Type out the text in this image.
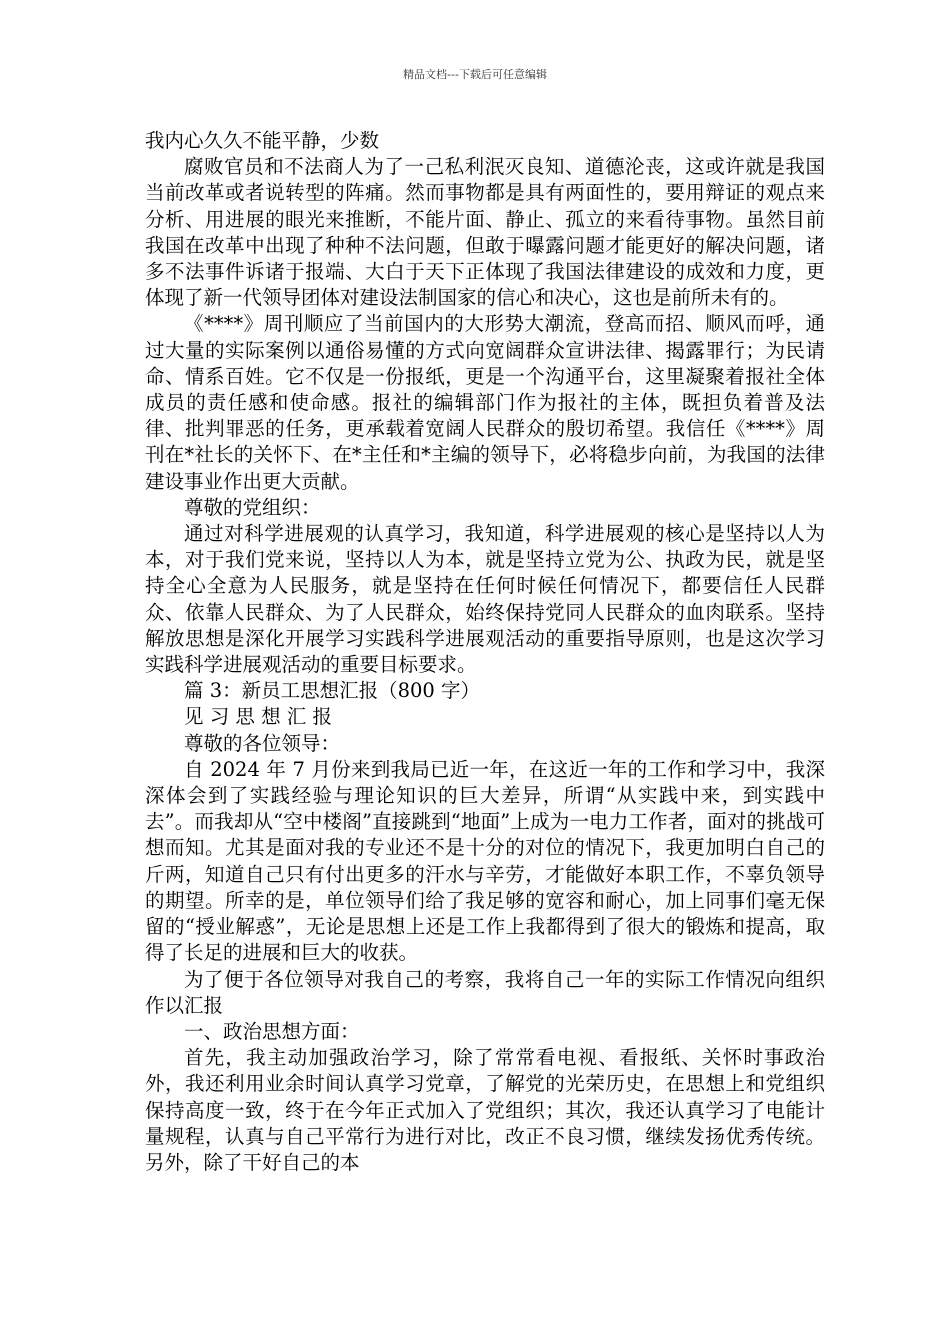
精品文档---下载后可任意编辑

我内心久久不能平静，少数

腐败官员和不法商人为了一己私利泯灭良知、道德沦丧，这或许就是我国当前改革或者说转型的阵痛。然而事物都是具有两面性的，要用辩证的观点来分析、用进展的眼光来推断，不能片面、静止、孤立的来看待事物。虽然目前我国在改革中出现了种种不法问题，但敢于曝露问题才能更好的解决问题，诸多不法事件诉诸于报端、大白于天下正体现了我国法律建设的成效和力度，更体现了新一代领导团体对建设法制国家的信心和决心，这也是前所未有的。

《****》周刊顺应了当前国内的大形势大潮流，登高而招、顺风而呼，通过大量的实际案例以通俗易懂的方式向宽阔群众宣讲法律、揭露罪行；为民请命、情系百姓。它不仅是一份报纸，更是一个沟通平台，这里凝聚着报社全体成员的责任感和使命感。报社的编辑部门作为报社的主体，既担负着普及法律、批判罪恶的任务，更承载着宽阔人民群众的殷切希望。我信任《****》周刊在*社长的关怀下、在*主任和*主编的领导下，必将稳步向前，为我国的法律建设事业作出更大贡献。

尊敬的党组织：

通过对科学进展观的认真学习，我知道，科学进展观的核心是坚持以人为本，对于我们党来说，坚持以人为本，就是坚持立党为公、执政为民，就是坚持全心全意为人民服务，就是坚持在任何时候任何情况下，都要信任人民群众、依靠人民群众、为了人民群众，始终保持党同人民群众的血肉联系。坚持解放思想是深化开展学习实践科学进展观活动的重要指导原则，也是这次学习实践科学进展观活动的重要目标要求。

篇 3：新员工思想汇报（800 字）

见 习 思 想 汇 报

尊敬的各位领导：

自 2024 年 7 月份来到我局已近一年，在这近一年的工作和学习中，我深深体会到了实践经验与理论知识的巨大差异，所谓“从实践中来，到实践中去”。而我却从“空中楼阁”直接跳到“地面”上成为一电力工作者，面对的挑战可想而知。尤其是面对我的专业还不是十分的对位的情况下，我更加明白自己的斤两，知道自己只有付出更多的汗水与辛劳，才能做好本职工作，不辜负领导的期望。所幸的是，单位领导们给了我足够的宽容和耐心，加上同事们毫无保留的“授业解惑”，无论是思想上还是工作上我都得到了很大的锻炼和提高，取得了长足的进展和巨大的收获。

为了便于各位领导对我自己的考察，我将自己一年的实际工作情况向组织作以汇报

一、政治思想方面：

首先，我主动加强政治学习，除了常常看电视、看报纸、关怀时事政治外，我还利用业余时间认真学习党章，了解党的光荣历史，在思想上和党组织保持高度一致，终于在今年正式加入了党组织；其次，我还认真学习了电能计量规程，认真与自己平常行为进行对比，改正不良习惯，继续发扬优秀传统。另外，除了干好自己的本
